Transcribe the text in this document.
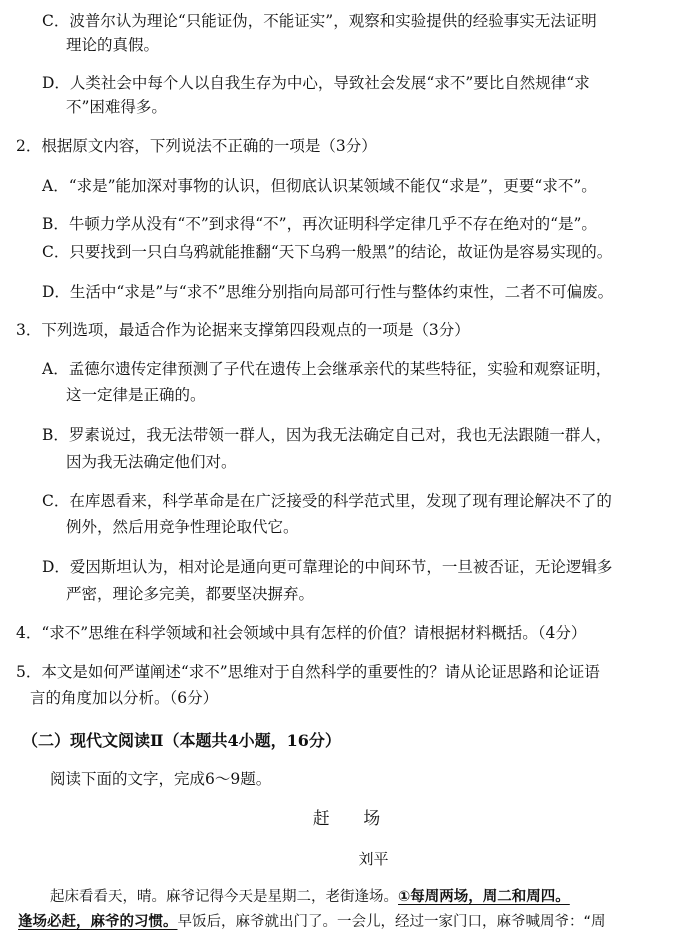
C．波普尔认为理论“只能证伪，不能证实”，观察和实验提供的经验事实无法证明
理论的真假。
D．人类社会中每个人以自我生存为中心，导致社会发展“求不”要比自然规律“求
不”困难得多。
2．根据原文内容，下列说法不正确的一项是（3分）
A．“求是”能加深对事物的认识，但彻底认识某领域不能仅“求是”，更要“求不”。
B．牛顿力学从没有“不”到求得“不”，再次证明科学定律几乎不存在绝对的“是”。
C．只要找到一只白乌鸦就能推翻“天下乌鸦一般黑”的结论，故证伪是容易实现的。
D．生活中“求是”与“求不”思维分别指向局部可行性与整体约束性，二者不可偏废。
3．下列选项，最适合作为论据来支撑第四段观点的一项是（3分）
A．孟德尔遗传定律预测了子代在遗传上会继承亲代的某些特征，实验和观察证明，
这一定律是正确的。
B．罗素说过，我无法带领一群人，因为我无法确定自己对，我也无法跟随一群人，
因为我无法确定他们对。
C．在库恩看来，科学革命是在广泛接受的科学范式里，发现了现有理论解决不了的
例外，然后用竞争性理论取代它。
D．爱因斯坦认为，相对论是通向更可靠理论的中间环节，一旦被否证，无论逻辑多
严密，理论多完美，都要坚决摒弃。
4．“求不”思维在科学领域和社会领域中具有怎样的价值？请根据材料概括。（4分）
5．本文是如何严谨阐述“求不”思维对于自然科学的重要性的？请从论证思路和论证语
言的角度加以分析。（6分）
（二）现代文阅读Ⅱ（本题共4小题，16分）
阅读下面的文字，完成6～9题。
赶 场
刘平
起床看看天，晴。麻爷记得今天是星期二，老街逢场。①每周两场，周二和周四。
逢场必赶，麻爷的习惯。早饭后，麻爷就出门了。一会儿，经过一家门口，麻爷喊周爷：“周
